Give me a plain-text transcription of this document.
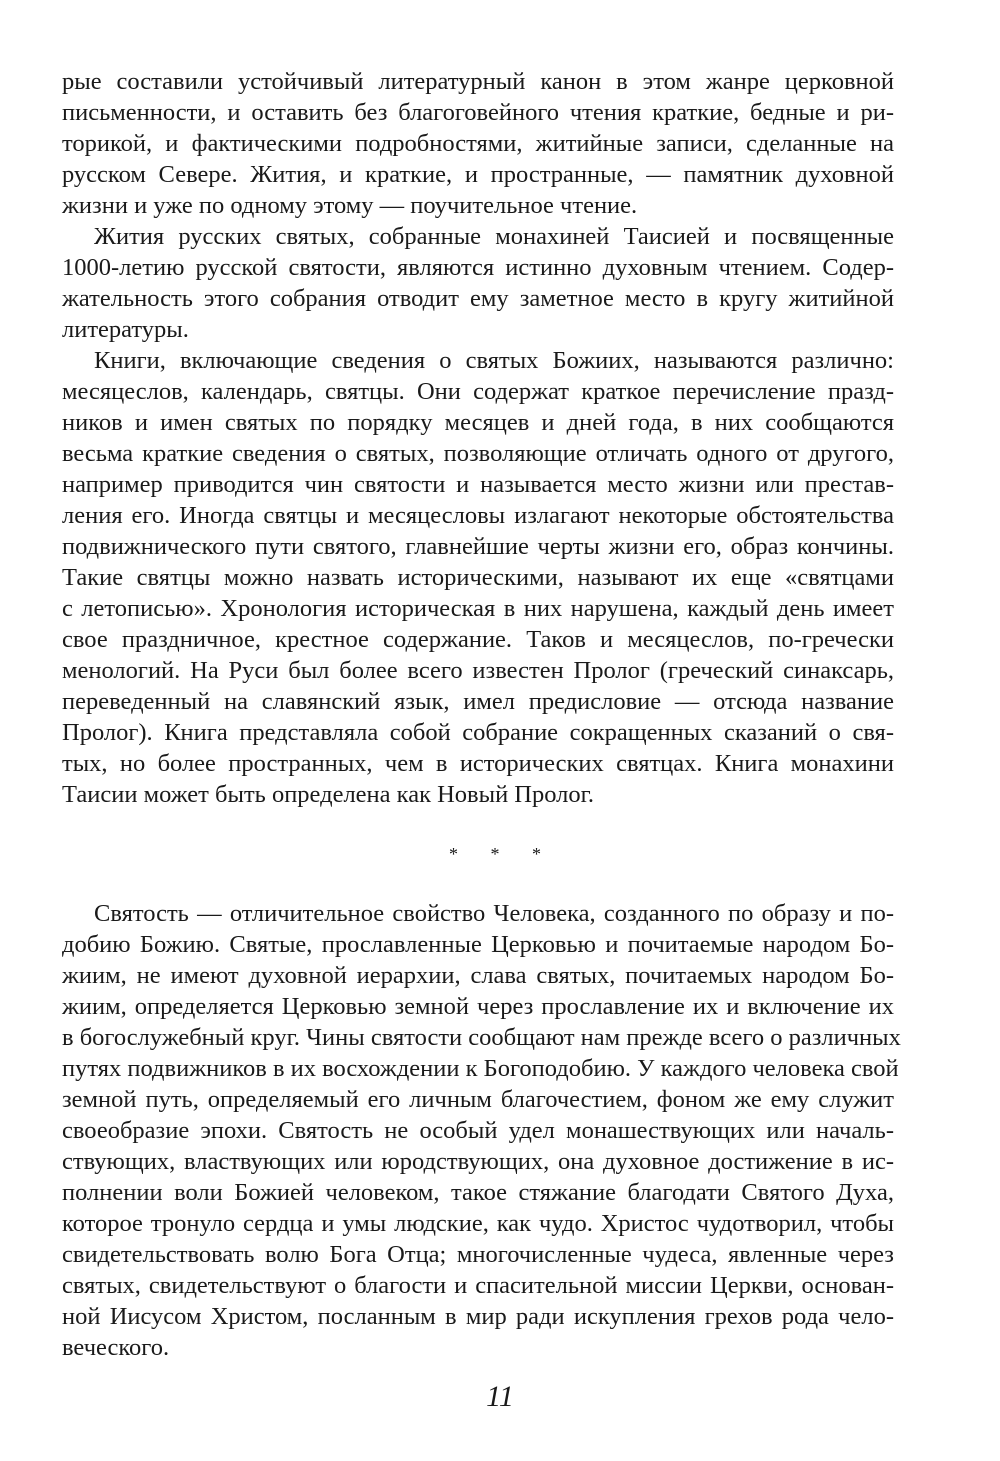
рые составили устойчивый литературный канон в этом жанре церковной
письменности, и оставить без благоговейного чтения краткие, бедные и ри-
торикой, и фактическими подробностями, житийные записи, сделанные на
русском Севере. Жития, и краткие, и пространные, — памятник духовной
жизни и уже по одному этому — поучительное чтение.
Жития русских святых, собранные монахиней Таисией и посвященные
1000-летию русской святости, являются истинно духовным чтением. Содер-
жательность этого собрания отводит ему заметное место в кругу житийной
литературы.
Книги, включающие сведения о святых Божиих, называются различно:
месяцеслов, календарь, святцы. Они содержат краткое перечисление празд-
ников и имен святых по порядку месяцев и дней года, в них сообщаются
весьма краткие сведения о святых, позволяющие отличать одного от другого,
например приводится чин святости и называется место жизни или престав-
ления его. Иногда святцы и месяцесловы излагают некоторые обстоятельства
подвижнического пути святого, главнейшие черты жизни его, образ кончины.
Такие святцы можно назвать историческими, называют их еще «святцами
с летописью». Хронология историческая в них нарушена, каждый день имеет
свое праздничное, крестное содержание. Таков и месяцеслов, по-гречески
менологий. На Руси был более всего известен Пролог (греческий синаксарь,
переведенный на славянский язык, имел предисловие — отсюда название
Пролог). Книга представляла собой собрание сокращенных сказаний о свя-
тых, но более пространных, чем в исторических святцах. Книга монахини
Таисии может быть определена как Новый Пролог.
* * *
Святость — отличительное свойство Человека, созданного по образу и по-
добию Божию. Святые, прославленные Церковью и почитаемые народом Бо-
жиим, не имеют духовной иерархии, слава святых, почитаемых народом Бо-
жиим, определяется Церковью земной через прославление их и включение их
в богослужебный круг. Чины святости сообщают нам прежде всего о различных
путях подвижников в их восхождении к Богоподобию. У каждого человека свой
земной путь, определяемый его личным благочестием, фоном же ему служит
своеобразие эпохи. Святость не особый удел монашествующих или началь-
ствующих, властвующих или юродствующих, она духовное достижение в ис-
полнении воли Божией человеком, такое стяжание благодати Святого Духа,
которое тронуло сердца и умы людские, как чудо. Христос чудотворил, чтобы
свидетельствовать волю Бога Отца; многочисленные чудеса, явленные через
святых, свидетельствуют о благости и спасительной миссии Церкви, основан-
ной Иисусом Христом, посланным в мир ради искупления грехов рода чело-
веческого.
11
